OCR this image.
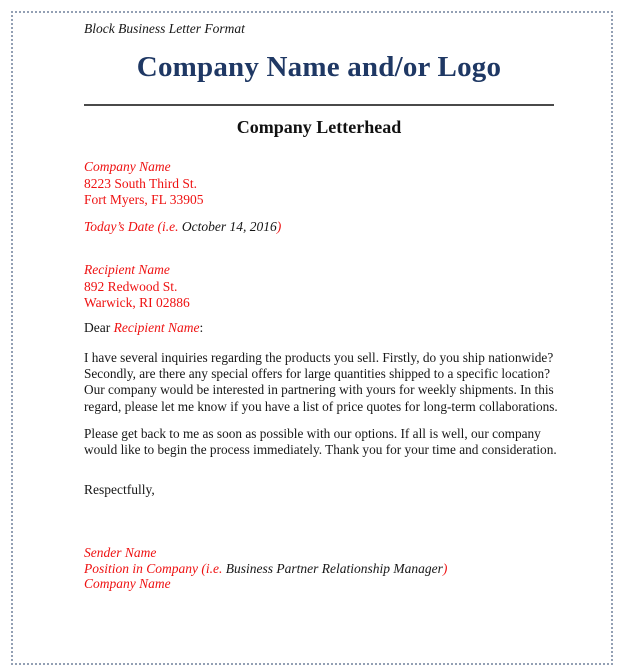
Block Business Letter Format
Company Name and/or Logo
Company Letterhead
Company Name
8223 South Third St.
Fort Myers, FL 33905
Today’s Date (i.e. October 14, 2016)
Recipient Name
892 Redwood St.
Warwick, RI 02886
Dear Recipient Name:

I have several inquiries regarding the products you sell. Firstly, do you ship nationwide? Secondly, are there any special offers for large quantities shipped to a specific location? Our company would be interested in partnering with yours for weekly shipments. In this regard, please let me know if you have a list of price quotes for long-term collaborations.

Please get back to me as soon as possible with our options. If all is well, our company would like to begin the process immediately. Thank you for your time and consideration.

Respectfully,
Sender Name
Position in Company (i.e. Business Partner Relationship Manager)
Company Name
